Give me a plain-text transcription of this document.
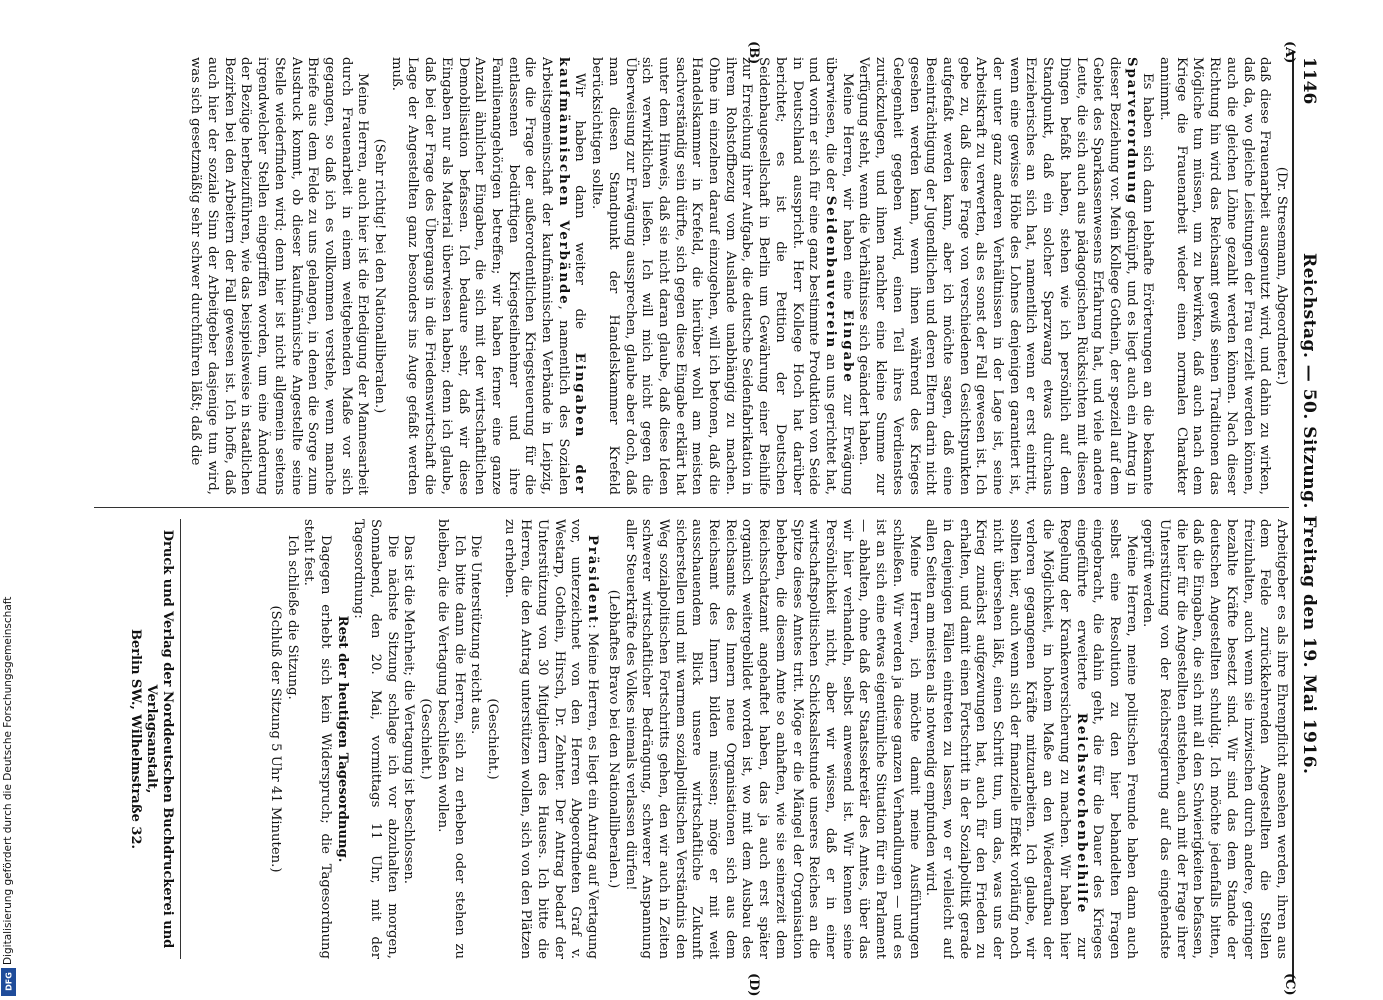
Digitalisierung gefördert durch die Deutsche Forschungsgemeinschaft
DFG
1146
Reichstag. — 50. Sitzung. Freitag den 19. Mai 1916.
(A)
(B)
(C)
(D)

(Dr. Stresemann, Abgeordneter.)

daß diese Frauenarbeit ausgenutzt wird, und dahin zu wirken, daß da, wo gleiche Leistungen der Frau erzielt werden können, auch die gleichen Löhne gezahlt werden können. Nach dieser Richtung hin wird das Reichsamt gewiß seinen Traditionen das Mögliche tun müssen, um zu bewirken, daß auch nach dem Kriege die Frauenarbeit wieder einen normalen Charakter annimmt.

Es haben sich dann lebhafte Erörterungen an die bekannte Sparverordnung geknüpft, und es liegt auch ein Antrag in dieser Beziehung vor. Mein Kollege Gothein, der speziell auf dem Gebiet des Sparkassenwesens Erfahrung hat, und viele andere Leute, die sich auch aus pädagogischen Rücksichten mit diesen Dingen befaßt haben, stehen wie ich persönlich auf dem Standpunkt, daß ein solcher Sparzwang etwas durchaus Erzieherisches an sich hat, namentlich wenn er erst eintritt, wenn eine gewisse Höhe des Lohnes denjenigen garantiert ist, der unter ganz anderen Verhältnissen in der Lage ist, seine Arbeitskraft zu verwerten, als es sonst der Fall gewesen ist. Ich gebe zu, daß diese Frage von verschiedenen Gesichtspunkten aufgefaßt werden kann, aber ich möchte sagen, daß eine Beeinträchtigung der Jugendlichen und deren Eltern darin nicht gesehen werden kann, wenn ihnen während des Krieges Gelegenheit gegeben wird, einen Teil ihres Verdienstes zurückzulegen, und ihnen nachher eine kleine Summe zur Verfügung steht, wenn die Verhältnisse sich geändert haben.

Meine Herren, wir haben eine Eingabe zur Erwägung überwiesen, die der Seidenbauverein an uns gerichtet hat, und worin er sich für eine ganz bestimmte Produktion von Seide in Deutschland ausspricht. Herr Kollege Hoch hat darüber berichtet; es ist die Petition der Deutschen Seidenbaugesellschaft in Berlin um Gewährung einer Beihilfe zur Erreichung ihrer Aufgabe, die deutsche Seidenfabrikation in ihrem Rohstoffbezug vom Auslande unabhängig zu machen. Ohne im einzelnen darauf einzugehen, will ich betonen, daß die Handelskammer in Krefeld, die hierüber wohl am meisten sachverständig sein dürfte, sich gegen diese Eingabe erklärt hat unter dem Hinweis, daß sie nicht daran glaube, daß diese Ideen sich verwirklichen ließen. Ich will mich nicht gegen die Überweisung zur Erwägung aussprechen, glaube aber doch, daß man diesen Standpunkt der Handelskammer Krefeld berücksichtigen sollte.

Wir haben dann weiter die Eingaben der kaufmännischen Verbände, namentlich des Sozialen Arbeitsgemeinschaft der kaufmännischen Verbände in Leipzig, die die Frage der außerordentlichen Kriegsteuerung für die entlassenen bedürftigen Kriegsteilnehmer und ihre Familienangehörigen betreffen; wir haben ferner eine ganze Anzahl ähnlicher Eingaben, die sich mit der wirtschaftlichen Demobilisation befassen. Ich bedaure sehr, daß wir diese Eingaben nur als Material überwiesen haben; denn ich glaube, daß bei der Frage des Übergangs in die Friedenswirtschaft die Lage der Angestellten ganz besonders ins Auge gefaßt werden muß.

(Sehr richtig! bei den Nationalliberalen.)

Meine Herren, auch hier ist die Erledigung der Mannesarbeit durch Frauenarbeit in einem weitgehenden Maße vor sich gegangen, so daß ich es vollkommen verstehe, wenn manche Briefe aus dem Felde zu uns gelangen, in denen die Sorge zum Ausdruck kommt, ob dieser kaufmännische Angestellte seine Stelle wiederfinden wird; denn hier ist nicht allgemein seitens irgendwelcher Stellen eingegriffen worden, um eine Änderung der Bezüge herbeizuführen, wie das beispielsweise in staatlichen Bezirken bei den Arbeitern der Fall gewesen ist. Ich hoffe, daß auch hier der soziale Sinn der Arbeitgeber dasjenige tun wird, was sich gesetzmäßig sehr schwer durchführen läßt; daß die

Arbeitgeber es als ihre Ehrenpflicht ansehen werden, ihren aus dem Felde zurückkehrenden Angestellten die Stellen freizuhalten, auch wenn sie inzwischen durch andere, geringer bezahlte Kräfte besetzt sind. Wir sind das dem Stande der deutschen Angestellten schuldig. Ich möchte jedenfalls bitten, daß die Eingaben, die sich mit all den Schwierigkeiten befassen, die hier für die Angestellten entstehen, auch mit der Frage ihrer Unterstützung von der Reichsregierung auf das eingehendste geprüft werden.

Meine Herren, meine politischen Freunde haben dann auch selbst eine Resolution zu den hier behandelten Fragen eingebracht, die dahin geht, die für die Dauer des Krieges eingeführte erweiterte Reichswochenbeihilfe zur Regelung der Krankenversicherung zu machen. Wir haben hier die Möglichkeit, in hohem Maße an den Wiederaufbau der verloren gegangenen Kräfte mitzuarbeiten. Ich glaube, wir sollten hier, auch wenn sich der finanzielle Effekt vorläufig noch nicht übersehen läßt, einen Schritt tun, um das, was uns der Krieg zunächst aufgezwungen hat, auch für den Frieden zu erhalten, und damit einen Fortschritt in der Sozialpolitik gerade in denjenigen Fällen eintreten zu lassen, wo er vielleicht auf allen Seiten am meisten als notwendig empfunden wird.

Meine Herren, ich möchte damit meine Ausführungen schließen. Wir werden ja diese ganzen Verhandlungen — und es ist an sich eine etwas eigentümliche Situation für ein Parlament — abhalten, ohne daß der Staatssekretär des Amtes, über das wir hier verhandeln, selbst anwesend ist. Wir kennen seine Persönlichkeit nicht, aber wir wissen, daß er in einer wirtschaftspolitischen Schicksalsstunde unseres Reiches an die Spitze dieses Amtes tritt. Möge er die Mängel der Organisation beheben, die diesem Amte so anhaften, wie sie seinerzeit dem Reichsschatzamt angehaftet haben, das ja auch erst später organisch weitergebildet worden ist, wo mit dem Ausbau des Reichsamts des Innern neue Organisationen sich aus dem Reichsamt des Innern bilden müssen; möge er mit weit ausschauendem Blick unsere wirtschaftliche Zukunft sicherstellen und mit warmem sozialpolitischen Verständnis den Weg sozialpolitischen Fortschritts gehen, den wir auch in Zeiten schwerer wirtschaftlicher Bedrängung, schwerer Anspannung aller Steuerkräfte des Volkes niemals verlassen dürfen!

(Lebhaftes Bravo bei den Nationalliberalen.)

Präsident: Meine Herren, es liegt ein Antrag auf Vertagung vor, unterzeichnet von den Herren Abgeordneten Graf v. Westarp, Gothein, Hirsch, Dr. Zehnter. Der Antrag bedarf der Unterstützung von 30 Mitgliedern des Hauses. Ich bitte die Herren, die den Antrag unterstützen wollen, sich von den Plätzen zu erheben.

(Geschieht.)

Die Unterstützung reicht aus.

Ich bitte dann die Herren, sich zu erheben oder stehen zu bleiben, die die Vertagung beschließen wollen.

(Geschieht.)

Das ist die Mehrheit; die Vertagung ist beschlossen.

Die nächste Sitzung schlage ich vor abzuhalten morgen, Sonnabend, den 20. Mai, vormittags 11 Uhr, mit der Tagesordnung:

Rest der heutigen Tagesordnung.

Dagegen erhebt sich kein Widerspruch; die Tagesordnung steht fest.

Ich schließe die Sitzung.

(Schluß der Sitzung 5 Uhr 41 Minuten.)

Druck und Verlag der Norddeutschen Buchdruckerei und Verlagsanstalt,
Berlin SW., Wilhelmstraße 32.
